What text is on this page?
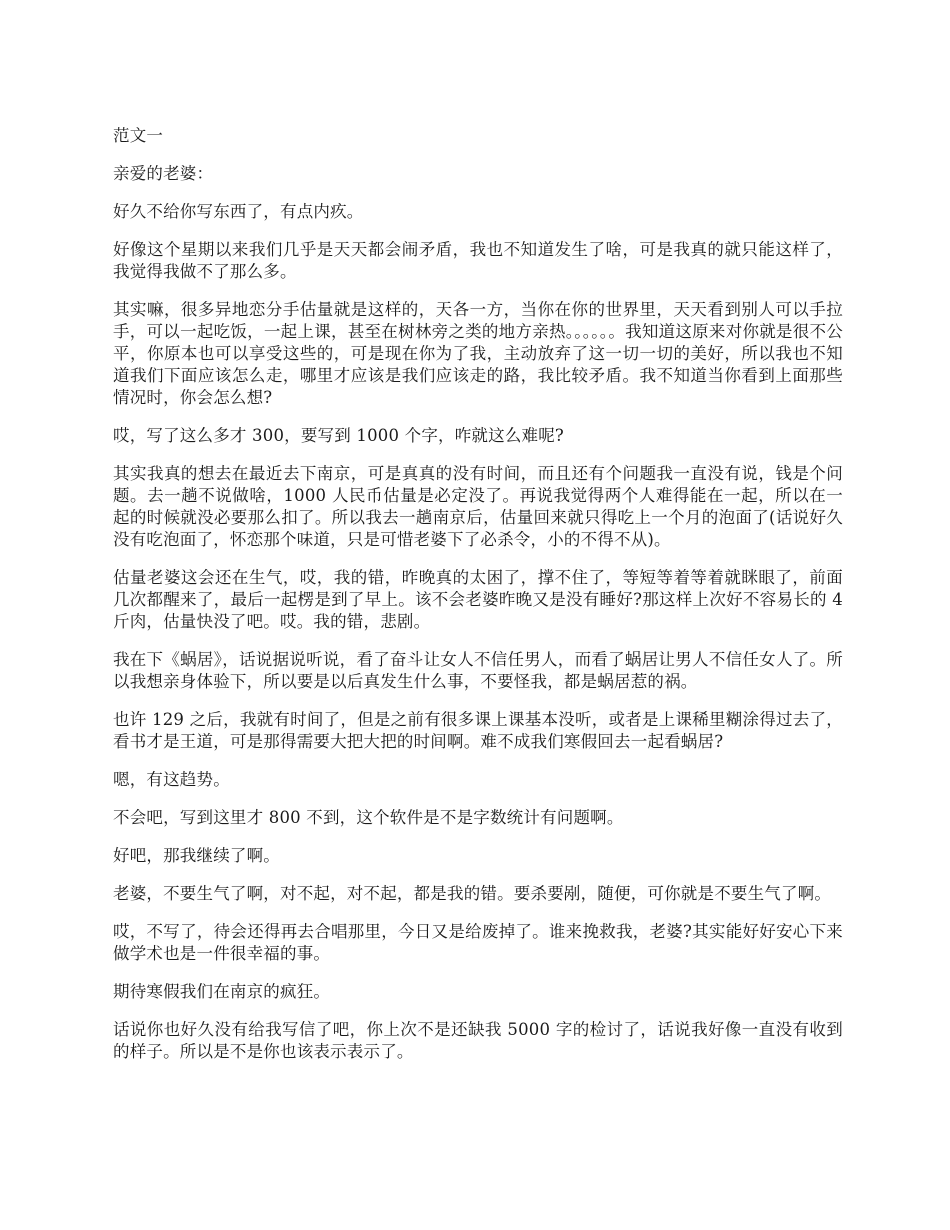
范文一

亲爱的老婆：

好久不给你写东西了，有点内疚。

好像这个星期以来我们几乎是天天都会闹矛盾，我也不知道发生了啥，可是我真的就只能这样了，我觉得我做不了那么多。

其实嘛，很多异地恋分手估量就是这样的，天各一方，当你在你的世界里，天天看到别人可以手拉手，可以一起吃饭，一起上课，甚至在树林旁之类的地方亲热。。。。。。我知道这原来对你就是很不公平，你原本也可以享受这些的，可是现在你为了我，主动放弃了这一切一切的美好，所以我也不知道我们下面应该怎么走，哪里才应该是我们应该走的路，我比较矛盾。我不知道当你看到上面那些情况时，你会怎么想?

哎，写了这么多才 300，要写到 1000 个字，咋就这么难呢?

其实我真的想去在最近去下南京，可是真真的没有时间，而且还有个问题我一直没有说，钱是个问题。去一趟不说做啥，1000 人民币估量是必定没了。再说我觉得两个人难得能在一起，所以在一起的时候就没必要那么扣了。所以我去一趟南京后，估量回来就只得吃上一个月的泡面了(话说好久没有吃泡面了，怀恋那个味道，只是可惜老婆下了必杀令，小的不得不从)。

估量老婆这会还在生气，哎，我的错，昨晚真的太困了，撑不住了，等短等着等着就眯眼了，前面几次都醒来了，最后一起楞是到了早上。该不会老婆昨晚又是没有睡好?那这样上次好不容易长的 4 斤肉，估量快没了吧。哎。我的错，悲剧。

我在下《蜗居》，话说据说听说，看了奋斗让女人不信任男人，而看了蜗居让男人不信任女人了。所以我想亲身体验下，所以要是以后真发生什么事，不要怪我，都是蜗居惹的祸。

也许 129 之后，我就有时间了，但是之前有很多课上课基本没听，或者是上课稀里糊涂得过去了，看书才是王道，可是那得需要大把大把的时间啊。难不成我们寒假回去一起看蜗居?

嗯，有这趋势。

不会吧，写到这里才 800 不到，这个软件是不是字数统计有问题啊。

好吧，那我继续了啊。

老婆，不要生气了啊，对不起，对不起，都是我的错。要杀要剐，随便，可你就是不要生气了啊。

哎，不写了，待会还得再去合唱那里，今日又是给废掉了。谁来挽救我，老婆?其实能好好安心下来做学术也是一件很幸福的事。

期待寒假我们在南京的疯狂。

话说你也好久没有给我写信了吧，你上次不是还缺我 5000 字的检讨了，话说我好像一直没有收到的样子。所以是不是你也该表示表示了。
